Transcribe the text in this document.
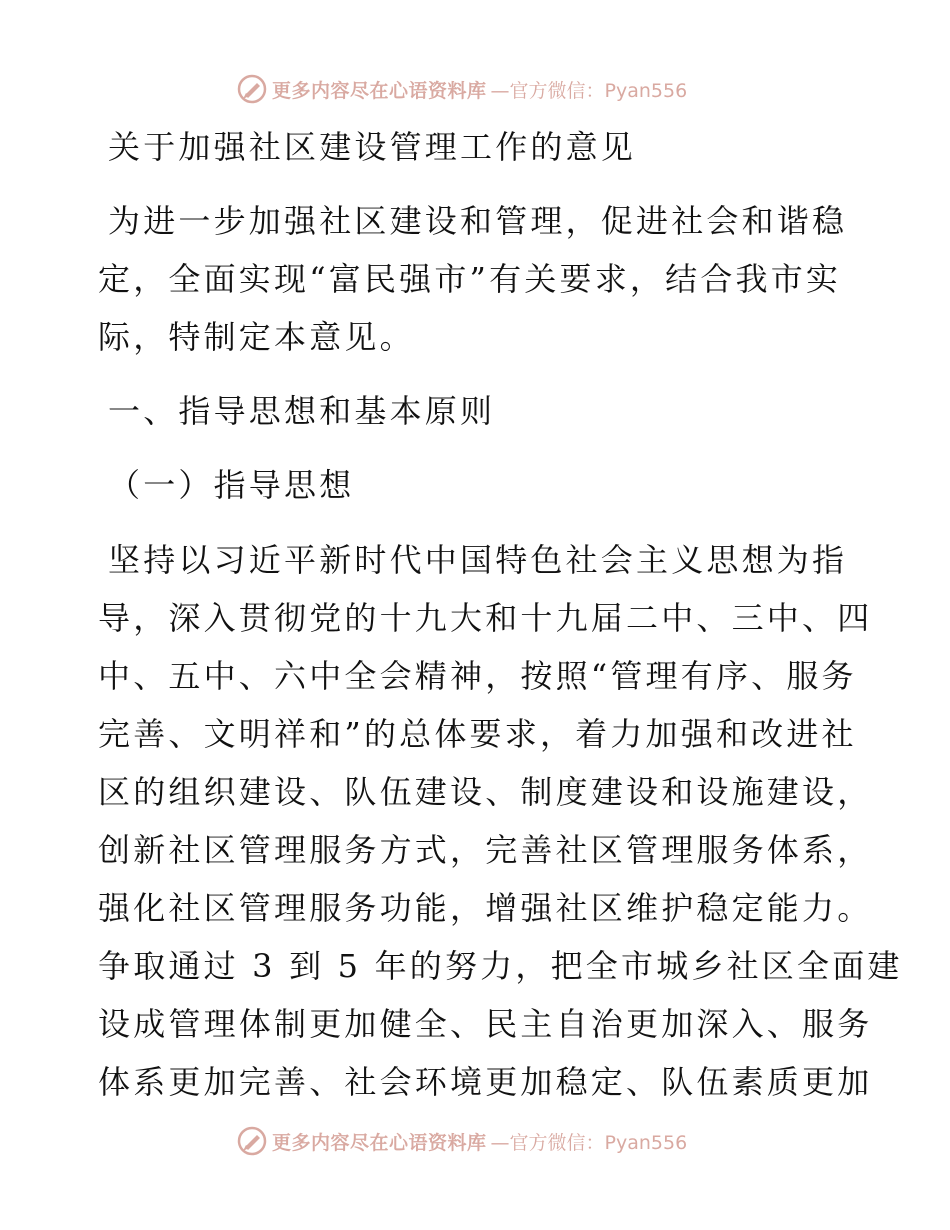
更多内容尽在心语资料库 —官方微信：Pyan556
关于加强社区建设管理工作的意见
为进一步加强社区建设和管理，促进社会和谐稳
定，全面实现“富民强市”有关要求，结合我市实
际，特制定本意见。
一、指导思想和基本原则
（一）指导思想
坚持以习近平新时代中国特色社会主义思想为指
导，深入贯彻党的十九大和十九届二中、三中、四
中、五中、六中全会精神，按照“管理有序、服务
完善、文明祥和”的总体要求，着力加强和改进社
区的组织建设、队伍建设、制度建设和设施建设，
创新社区管理服务方式，完善社区管理服务体系，
强化社区管理服务功能，增强社区维护稳定能力。
争取通过 3 到 5 年的努力，把全市城乡社区全面建
设成管理体制更加健全、民主自治更加深入、服务
体系更加完善、社会环境更加稳定、队伍素质更加
更多内容尽在心语资料库 —官方微信：Pyan556
